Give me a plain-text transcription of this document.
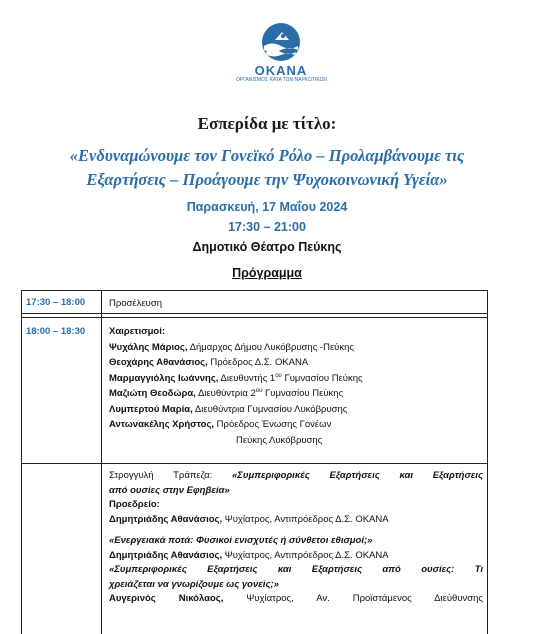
OKANA
ΟΡΓΑΝΙΣΜΟΣ ΚΑΤΑ ΤΩΝ ΝΑΡΚΩΤΙΚΩΝ
Εσπερίδα με τίτλο:
«Ενδυναμώνουμε τον Γονεϊκό Ρόλο – Προλαμβάνουμε τις
Εξαρτήσεις – Προάγουμε την Ψυχοκοινωνική Υγεία»
Παρασκευή, 17 Μαΐου 2024
17:30 – 21:00
Δημοτικό Θέατρο Πεύκης
Πρόγραμμα
17:30 – 18:00	Προσέλευση
18:00 – 18:30	Χαιρετισμοί:
Ψυχάλης Μάριος, Δήμαρχος Δήμου Λυκόβρυσης -Πεύκης
Θεοχάρης Αθανάσιος, Πρόεδρος Δ.Σ. ΟΚΑΝΑ
Μαρμαγγιόλης Ιωάννης, Διευθυντής $1^{o\upsilon}$ Γυμνασίου Πεύκης
Μαζιώτη Θεοδώρα, Διευθύντρια $2^{o\upsilon}$ Γυμνασίου Πεύκης
Λυμπερτού Μαρία, Διευθύντρια Γυμνασίου Λυκόβρυσης
Αντωνακέλης Χρήστος, Πρόεδρος Ένωσης Γονέων
Πεύκης Λυκόβρυσης
Στρογγυλή Τράπεζα: «Συμπεριφορικές Εξαρτήσεις και Εξαρτήσεις
από ουσίες στην Εφηβεία»
Προεδρείο:
Δημητριάδης Αθανάσιος, Ψυχίατρος, Αντιπρόεδρος Δ.Σ. ΟΚΑΝΑ
«Ενεργειακά ποτά: Φυσικοί ενισχυτές ή σύνθετοι εθισμοί;»
Δημητριάδης Αθανάσιος, Ψυχίατρος, Αντιπρόεδρος Δ.Σ. ΟΚΑΝΑ
«Συμπεριφορικές Εξαρτήσεις και Εξαρτήσεις από ουσίες: Τι
χρειάζεται να γνωρίζουμε ως γονείς;»
Αυγερινός Νικόλαος, Ψυχίατρος, Αν. Προϊστάμενος Διεύθυνσης
